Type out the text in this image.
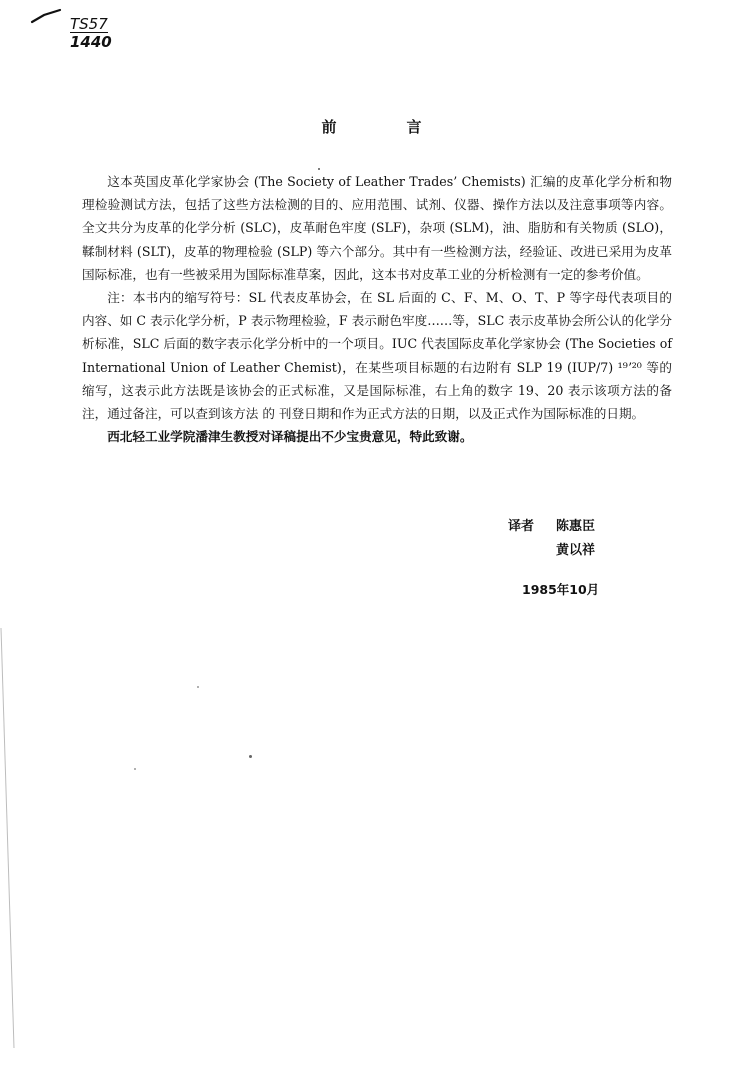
TS57
1440
前	言

这本英国皮革化学家协会 (The Society of Leather Trades’ Chemists) 汇编的皮革化学分析和物理检验测试方法，包括了这些方法检测的目的、应用范围、试剂、仪器、操作方法以及注意事项等内容。全文共分为皮革的化学分析 (SLC)，皮革耐色牢度 (SLF)，杂项 (SLM)，油、脂肪和有关物质 (SLO)，鞣制材料 (SLT)，皮革的物理检验 (SLP) 等六个部分。其中有一些检测方法，经验证、改进已采用为皮革国际标准，也有一些被采用为国际标准草案，因此，这本书对皮革工业的分析检测有一定的参考价值。

注：本书内的缩写符号：SL 代表皮革协会，在 SL 后面的 C、F、M、O、T、P 等字母代表项目的内容、如 C 表示化学分析，P 表示物理检验，F 表示耐色牢度……等，SLC 表示皮革协会所公认的化学分析标准，SLC 后面的数字表示化学分析中的一个项目。IUC 代表国际皮革化学家协会 (The Societies of International Union of Leather Chemist)，在某些项目标题的右边附有 SLP 19 (IUP/7) ¹⁹ʼ²⁰ 等的缩写，这表示此方法既是该协会的正式标准，又是国际标准，右上角的数字 19、20 表示该项方法的备注，通过备注，可以查到该方法 的 刊登日期和作为正式方法的日期，以及正式作为国际标准的日期。

西北轻工业学院潘津生教授对译稿提出不少宝贵意见，特此致谢。

译者 陈惠臣
黄以祥
1985年10月
